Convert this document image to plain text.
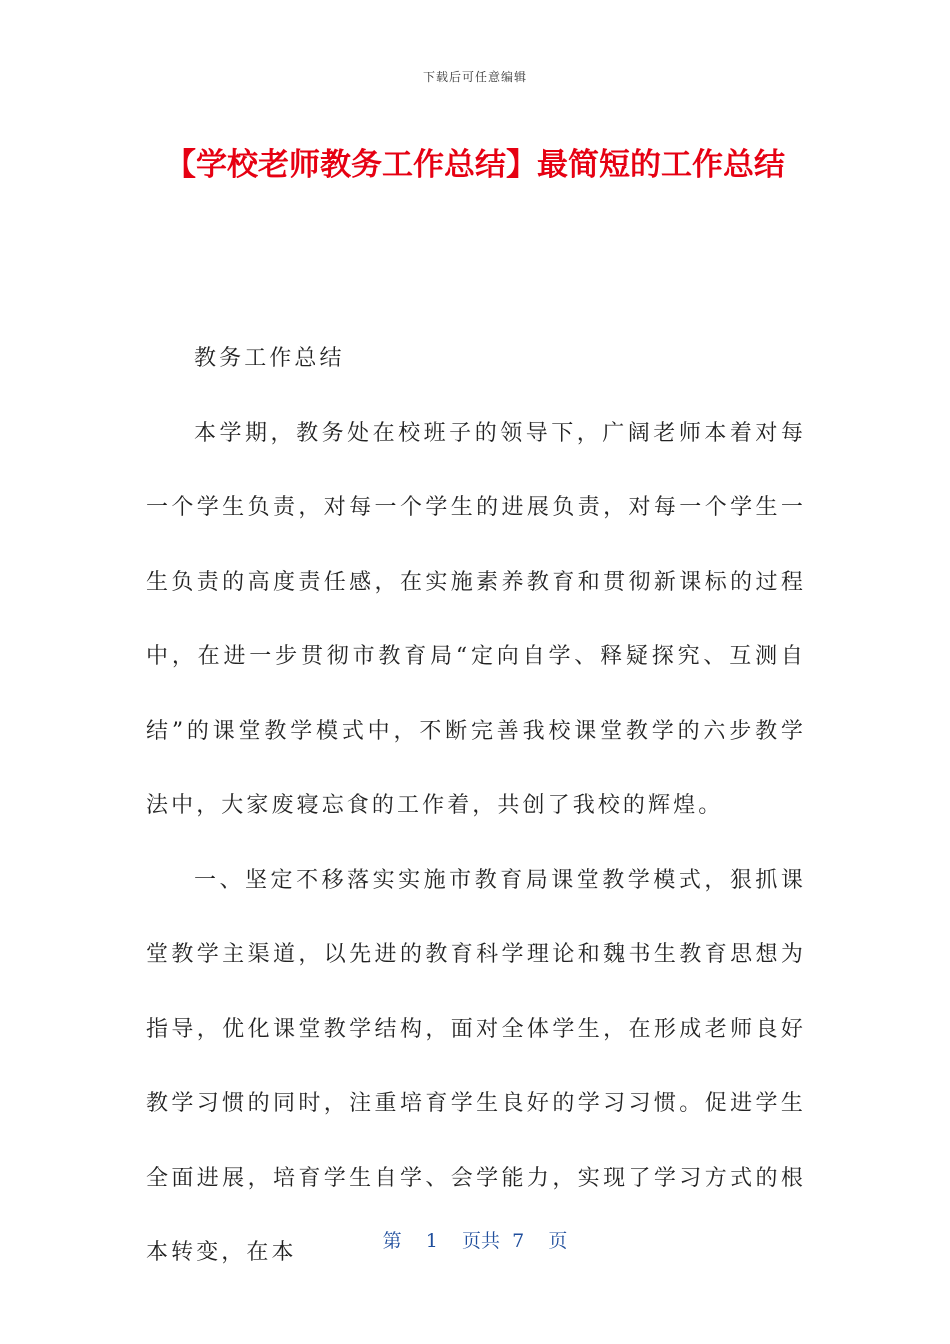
下载后可任意编辑
【学校老师教务工作总结】最简短的工作总结

教务工作总结

本学期，教务处在校班子的领导下，广阔老师本着对每一个学生负责，对每一个学生的进展负责，对每一个学生一生负责的高度责任感，在实施素养教育和贯彻新课标的过程中，在进一步贯彻市教育局“定向自学、释疑探究、互测自结”的课堂教学模式中，不断完善我校课堂教学的六步教学法中，大家废寝忘食的工作着，共创了我校的辉煌。

一、坚定不移落实实施市教育局课堂教学模式，狠抓课堂教学主渠道，以先进的教育科学理论和魏书生教育思想为指导，优化课堂教学结构，面对全体学生，在形成老师良好教学习惯的同时，注重培育学生良好的学习习惯。促进学生全面进展，培育学生自学、会学能力，实现了学习方式的根本转变，在本	第 1 页共 7 页
